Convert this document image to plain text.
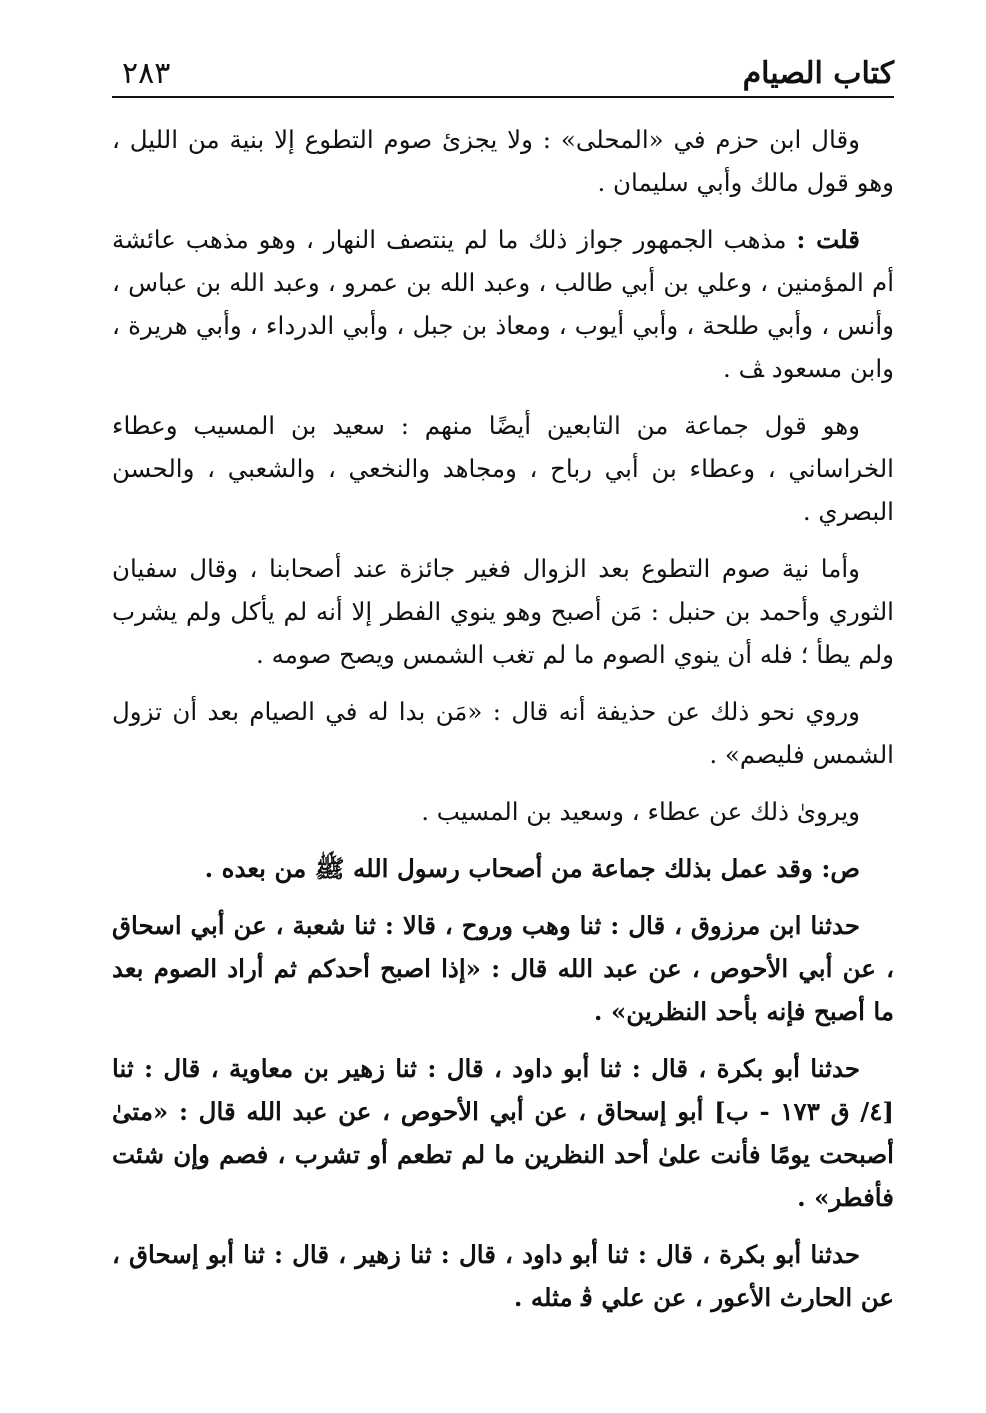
كتاب الصيام
٢٨٣

وقال ابن حزم في «المحلى» : ولا يجزئ صوم التطوع إلا بنية من الليل ، وهو قول مالك وأبي سليمان .

قلت : مذهب الجمهور جواز ذلك ما لم ينتصف النهار ، وهو مذهب عائشة أم المؤمنين ، وعلي بن أبي طالب ، وعبد الله بن عمرو ، وعبد الله بن عباس ، وأنس ، وأبي طلحة ، وأبي أيوب ، ومعاذ بن جبل ، وأبي الدرداء ، وأبي هريرة ، وابن مسعود ﭫ .

وهو قول جماعة من التابعين أيضًا منهم : سعيد بن المسيب وعطاء الخراساني ، وعطاء بن أبي رباح ، ومجاهد والنخعي ، والشعبي ، والحسن البصري .

وأما نية صوم التطوع بعد الزوال فغير جائزة عند أصحابنا ، وقال سفيان الثوري وأحمد بن حنبل : مَن أصبح وهو ينوي الفطر إلا أنه لم يأكل ولم يشرب ولم يطأ ؛ فله أن ينوي الصوم ما لم تغب الشمس ويصح صومه .

وروي نحو ذلك عن حذيفة أنه قال : «مَن بدا له في الصيام بعد أن تزول الشمس فليصم» .

ويروىٰ ذلك عن عطاء ، وسعيد بن المسيب .

ص: وقد عمل بذلك جماعة من أصحاب رسول الله ﷺ من بعده .

حدثنا ابن مرزوق ، قال : ثنا وهب وروح ، قالا : ثنا شعبة ، عن أبي اسحاق ، عن أبي الأحوص ، عن عبد الله قال : «إذا اصبح أحدكم ثم أراد الصوم بعد ما أصبح فإنه بأحد النظرين» .

حدثنا أبو بكرة ، قال : ثنا أبو داود ، قال : ثنا زهير بن معاوية ، قال : ثنا [٤/ ق ١٧٣ - ب] أبو إسحاق ، عن أبي الأحوص ، عن عبد الله قال : «متىٰ أصبحت يومًا فأنت علىٰ أحد النظرين ما لم تطعم أو تشرب ، فصم وإن شئت فأفطر» .

حدثنا أبو بكرة ، قال : ثنا أبو داود ، قال : ثنا زهير ، قال : ثنا أبو إسحاق ، عن الحارث الأعور ، عن علي ﭬ مثله .
